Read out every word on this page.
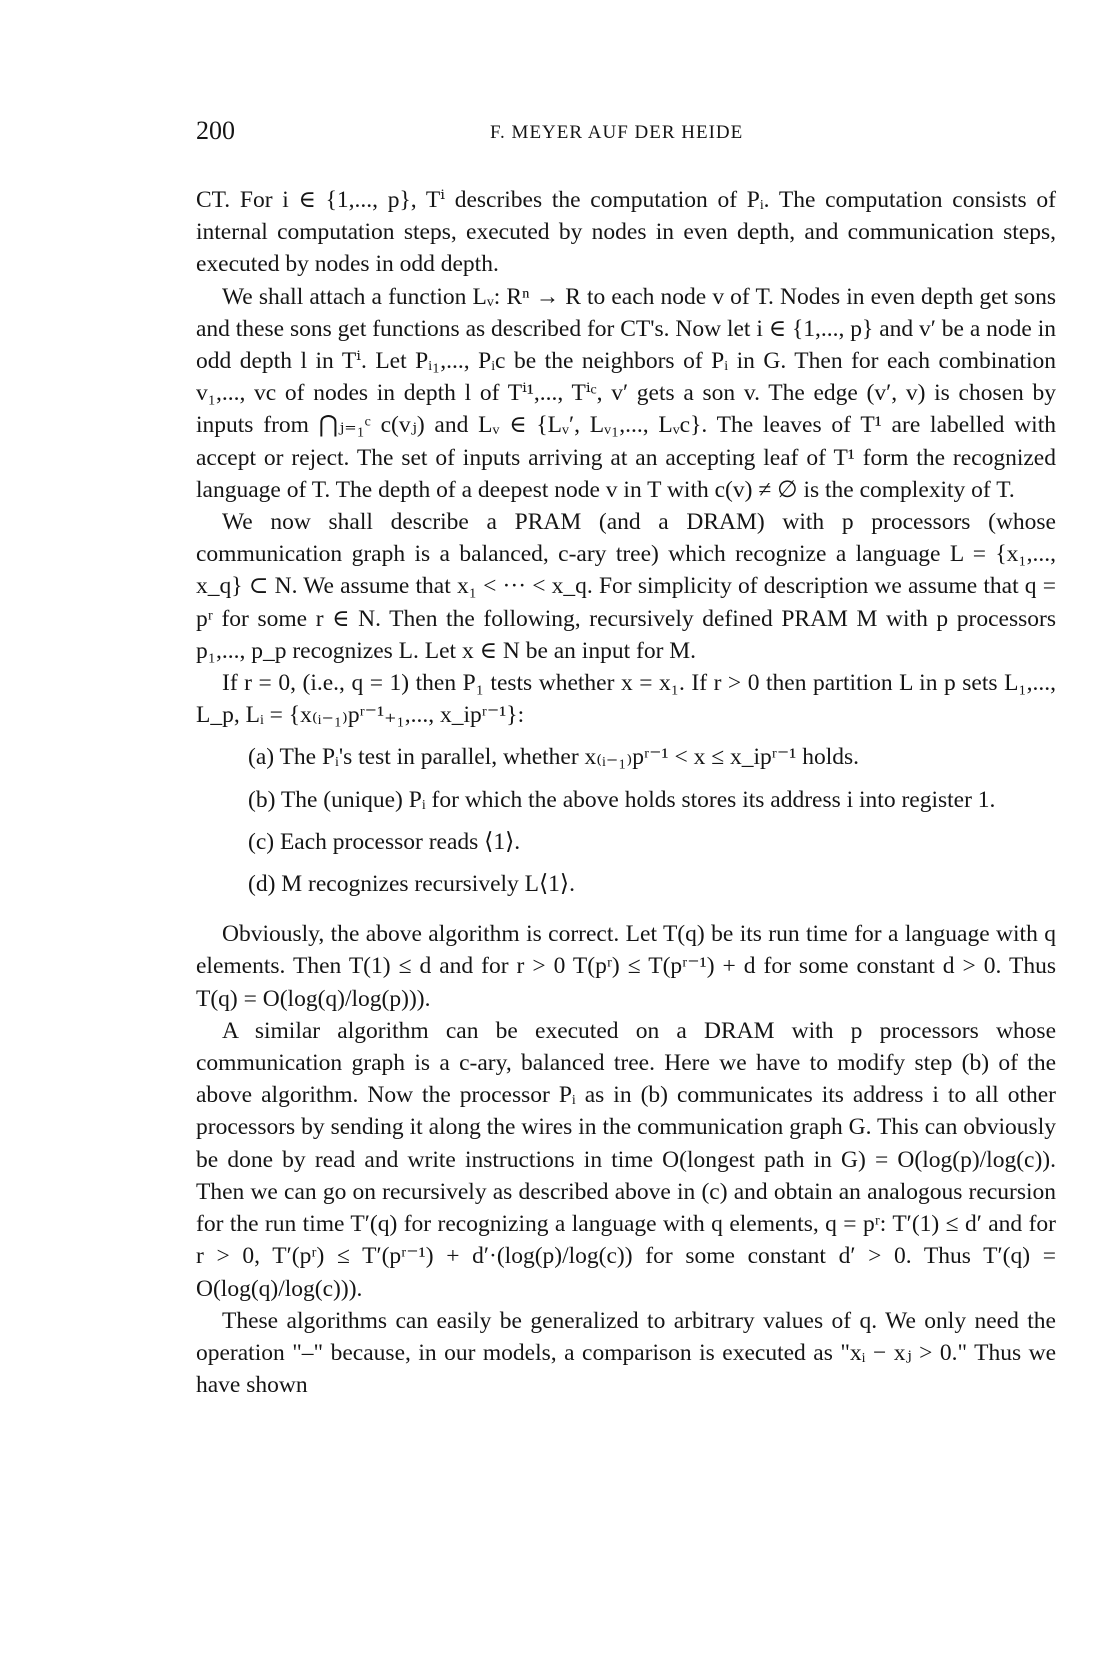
200	F. MEYER AUF DER HEIDE

CT. For i ∈ {1,..., p}, Tⁱ describes the computation of Pᵢ. The computation consists of internal computation steps, executed by nodes in even depth, and communication steps, executed by nodes in odd depth.

We shall attach a function Lᵥ: Rⁿ → R to each node v of T. Nodes in even depth get sons and these sons get functions as described for CT's. Now let i ∈ {1,..., p} and v′ be a node in odd depth l in Tⁱ. Let Pᵢ₁,..., Pᵢc be the neighbors of Pᵢ in G. Then for each combination v₁,..., vc of nodes in depth l of Tⁱ¹,..., Tⁱᶜ, v′ gets a son v. The edge (v′, v) is chosen by inputs from ⋂ⱼ₌₁ᶜ c(vⱼ) and Lᵥ ∈ {Lᵥ′, Lᵥ₁,..., Lᵥc}. The leaves of T¹ are labelled with accept or reject. The set of inputs arriving at an accepting leaf of T¹ form the recognized language of T. The depth of a deepest node v in T with c(v) ≠ ∅ is the complexity of T.

We now shall describe a PRAM (and a DRAM) with p processors (whose communication graph is a balanced, c-ary tree) which recognize a language L = {x₁,..., x_q} ⊂ N. We assume that x₁ < ··· < x_q. For simplicity of description we assume that q = pʳ for some r ∈ N. Then the following, recursively defined PRAM M with p processors p₁,..., p_p recognizes L. Let x ∈ N be an input for M.

If r = 0, (i.e., q = 1) then P₁ tests whether x = x₁. If r > 0 then partition L in p sets L₁,..., L_p, Lᵢ = {x₍ᵢ₋₁₎pʳ⁻¹₊₁,..., x_ipʳ⁻¹}:

(a) The Pᵢ's test in parallel, whether x₍ᵢ₋₁₎pʳ⁻¹ < x ≤ x_ipʳ⁻¹ holds.

(b) The (unique) Pᵢ for which the above holds stores its address i into register 1.

(c) Each processor reads ⟨1⟩.

(d) M recognizes recursively L⟨1⟩.

Obviously, the above algorithm is correct. Let T(q) be its run time for a language with q elements. Then T(1) ≤ d and for r > 0 T(pʳ) ≤ T(pʳ⁻¹) + d for some constant d > 0. Thus T(q) = O(log(q)/log(p))).

A similar algorithm can be executed on a DRAM with p processors whose communication graph is a c-ary, balanced tree. Here we have to modify step (b) of the above algorithm. Now the processor Pᵢ as in (b) communicates its address i to all other processors by sending it along the wires in the communication graph G. This can obviously be done by read and write instructions in time O(longest path in G) = O(log(p)/log(c)). Then we can go on recursively as described above in (c) and obtain an analogous recursion for the run time T′(q) for recognizing a language with q elements, q = pʳ: T′(1) ≤ d′ and for r > 0, T′(pʳ) ≤ T′(pʳ⁻¹) + d′·(log(p)/log(c)) for some constant d′ > 0. Thus T′(q) = O(log(q)/log(c))).

These algorithms can easily be generalized to arbitrary values of q. We only need the operation "–" because, in our models, a comparison is executed as "xᵢ − xⱼ > 0." Thus we have shown
